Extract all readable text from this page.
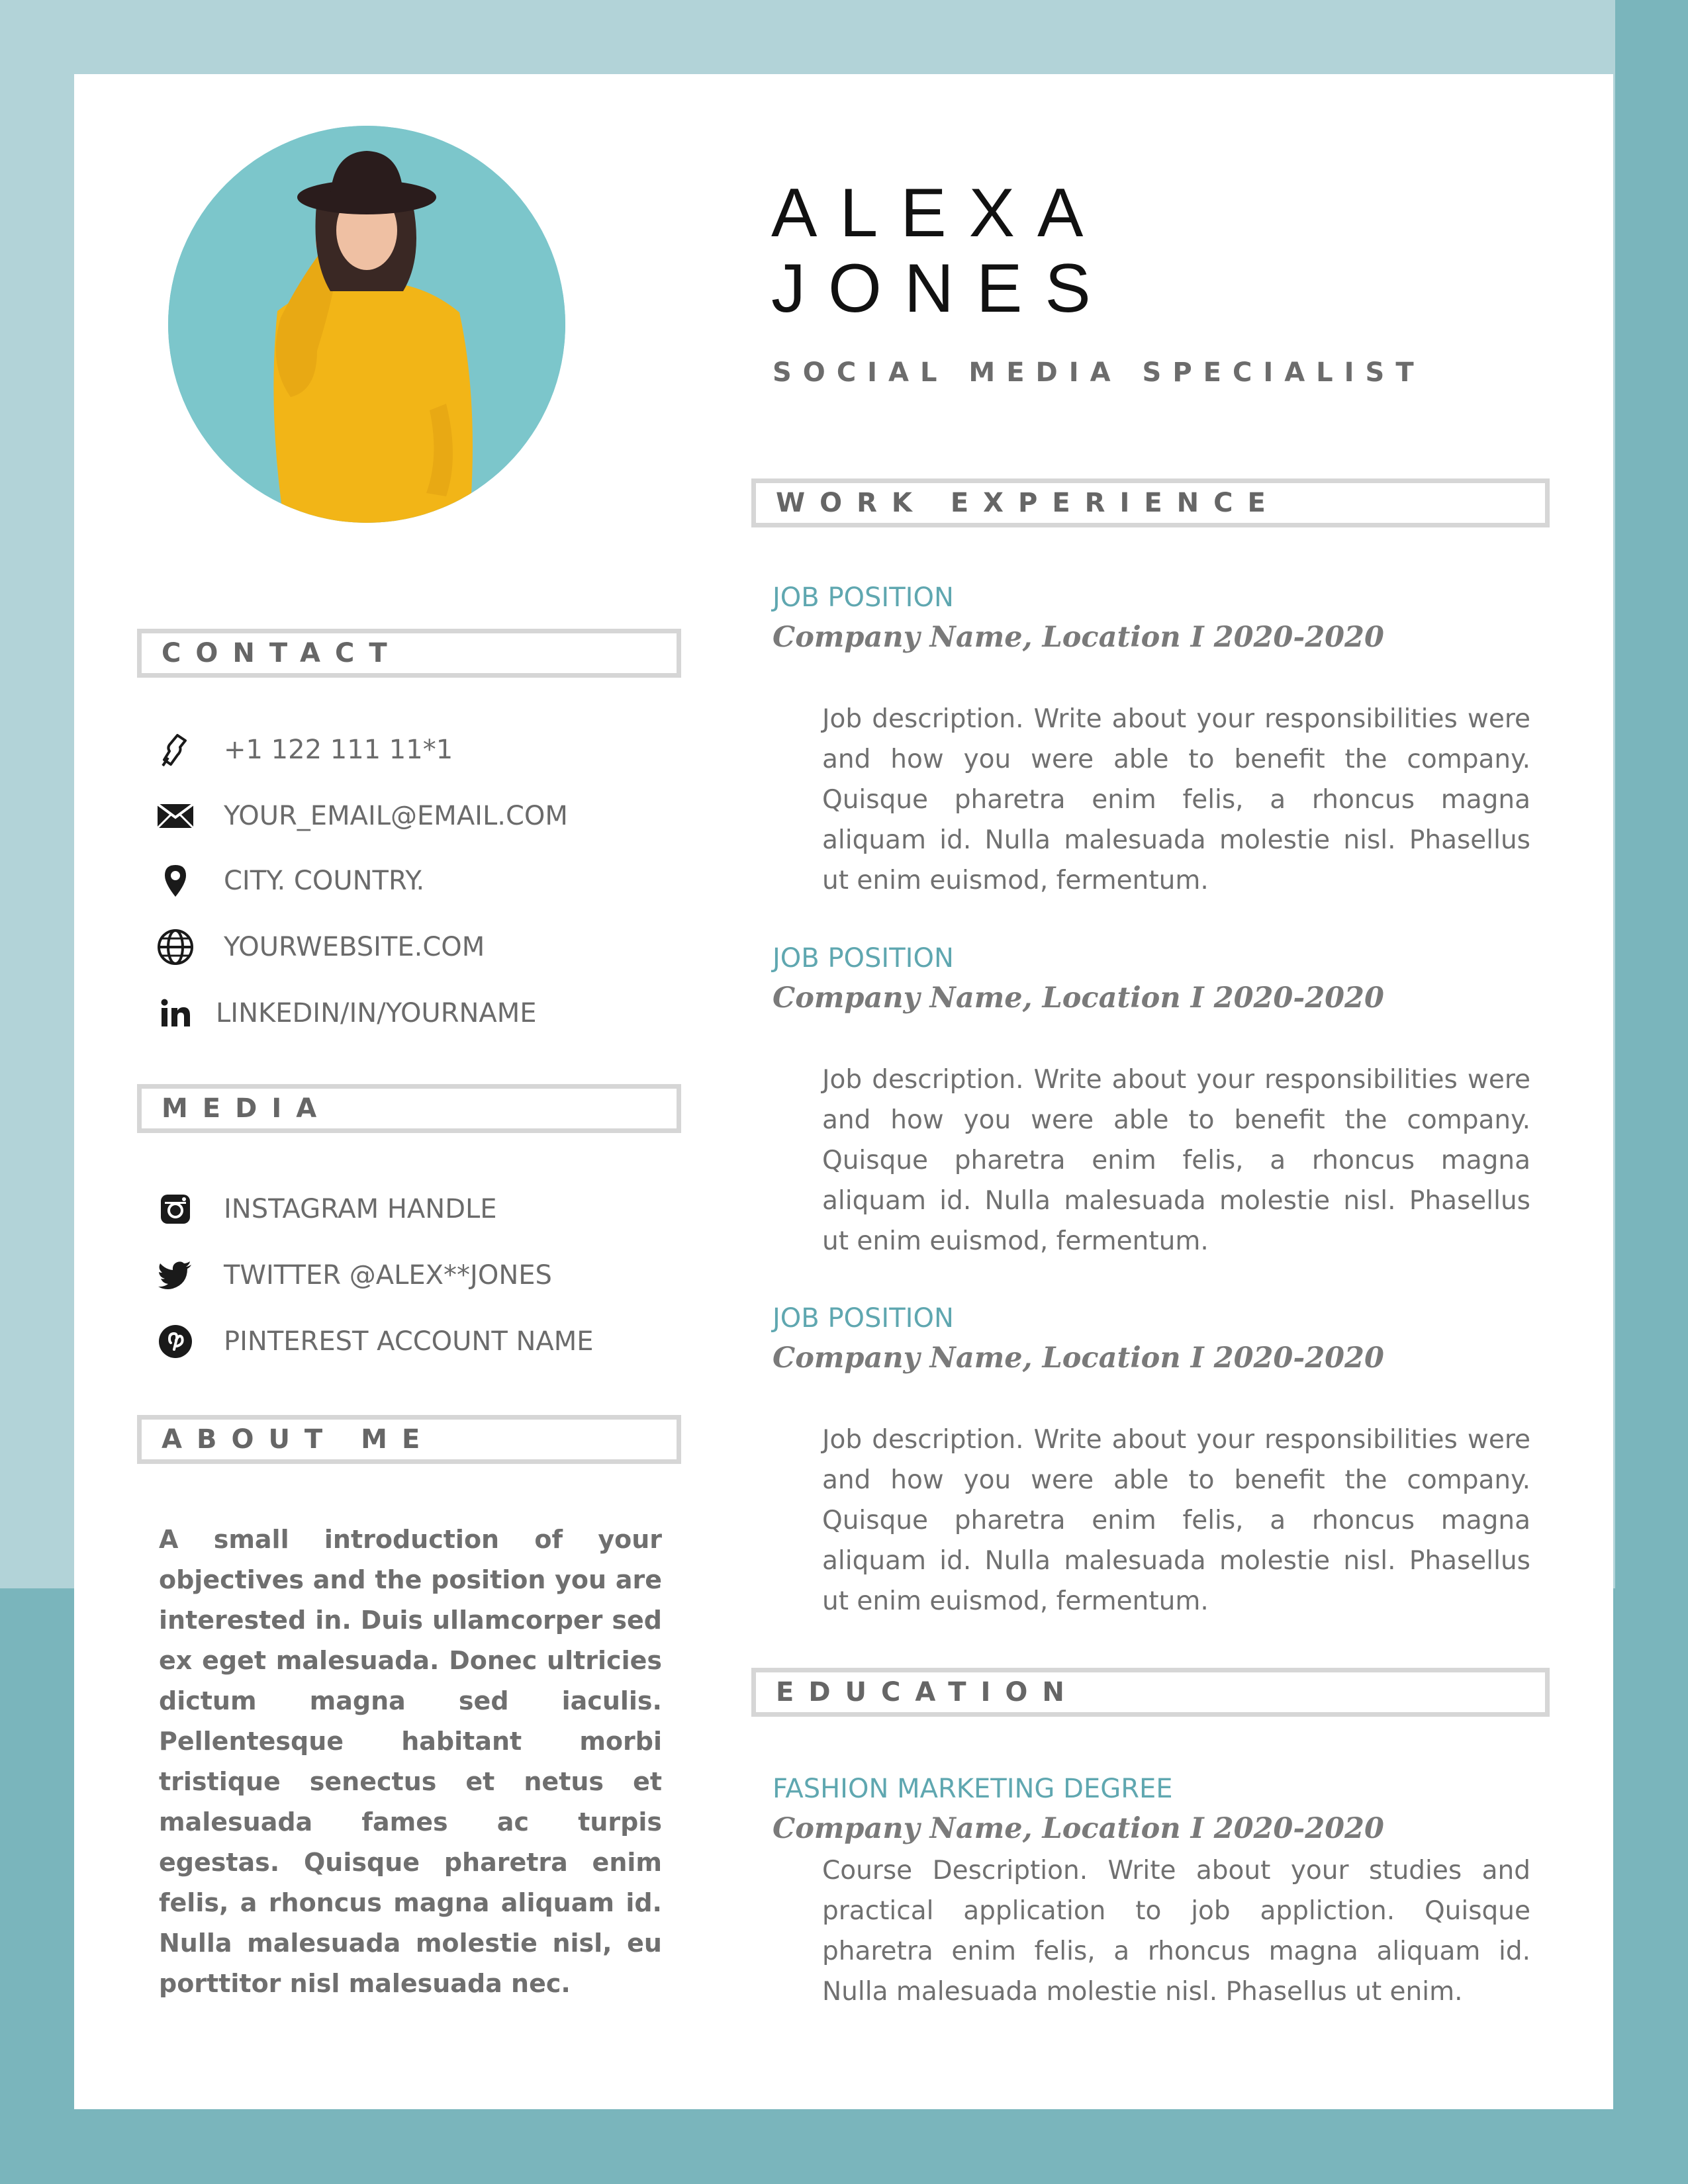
ALEXA
JONES
SOCIAL MEDIA SPECIALIST
CONTACT
+1 122 111 11*1
YOUR_EMAIL@EMAIL.COM
CITY. COUNTRY.
YOURWEBSITE.COM
LINKEDIN/IN/YOURNAME
MEDIA
INSTAGRAM HANDLE
TWITTER @ALEX**JONES
PINTEREST ACCOUNT NAME
ABOUT ME
A small introduction of your objectives and the position you are interested in. Duis ullamcorper sed ex eget malesuada. Donec ultricies dictum magna sed iaculis. Pellentesque habitant morbi tristique senectus et netus et malesuada fames ac turpis egestas. Quisque pharetra enim felis, a rhoncus magna aliquam id. Nulla malesuada molestie nisl, eu porttitor nisl malesuada nec.
WORK EXPERIENCE
JOB POSITION
Company Name, Location I 2020-2020
Job description. Write about your responsibilities were and how you were able to benefit the company. Quisque pharetra enim felis, a rhoncus magna aliquam id. Nulla malesuada molestie nisl. Phasellus ut enim euismod, fermentum.
JOB POSITION
Company Name, Location I 2020-2020
Job description. Write about your responsibilities were and how you were able to benefit the company. Quisque pharetra enim felis, a rhoncus magna aliquam id. Nulla malesuada molestie nisl. Phasellus ut enim euismod, fermentum.
JOB POSITION
Company Name, Location I 2020-2020
Job description. Write about your responsibilities were and how you were able to benefit the company. Quisque pharetra enim felis, a rhoncus magna aliquam id. Nulla malesuada molestie nisl. Phasellus ut enim euismod, fermentum.
EDUCATION
FASHION MARKETING DEGREE
Company Name, Location I 2020-2020
Course Description. Write about your studies and practical application to job appliction. Quisque pharetra enim felis, a rhoncus magna aliquam id. Nulla malesuada molestie nisl. Phasellus ut enim.
